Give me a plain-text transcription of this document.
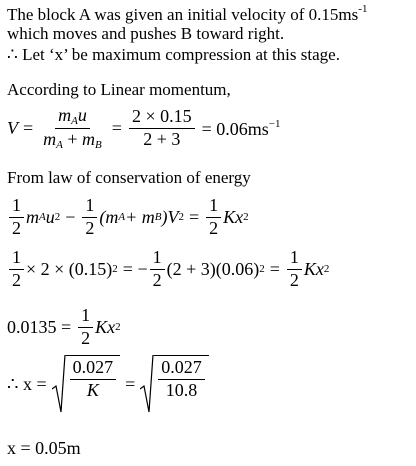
The block A was given an initial velocity of $0.15ms^{-1}$
which moves and pushes B toward right.
∴ Let ‘x’ be maximum compression at this stage.
According to Linear momentum,
$V = \frac{m_Au}{m_A + m_B} = \frac{2 \times 0.15}{2 + 3} = 0.06ms^{-1}$
From law of conservation of energy
$\frac{1}{2}$ m A u $2 - \frac{1}{2} (m$ A + m B )V $2 = \frac{1}{2}$ Kx 2
$\frac{1}{2} \times 2 \times (0.15) 2$ = − $\frac{1}{2} (2 + 3)(0.06) 2 = \frac{1}{2}$ Kx 2
$0.0135 = \frac{1}{2}$ Kx 2
∴ $x = \frac{0.027}{K} = \frac{0.027}{10.8}$
x = 0.05m
